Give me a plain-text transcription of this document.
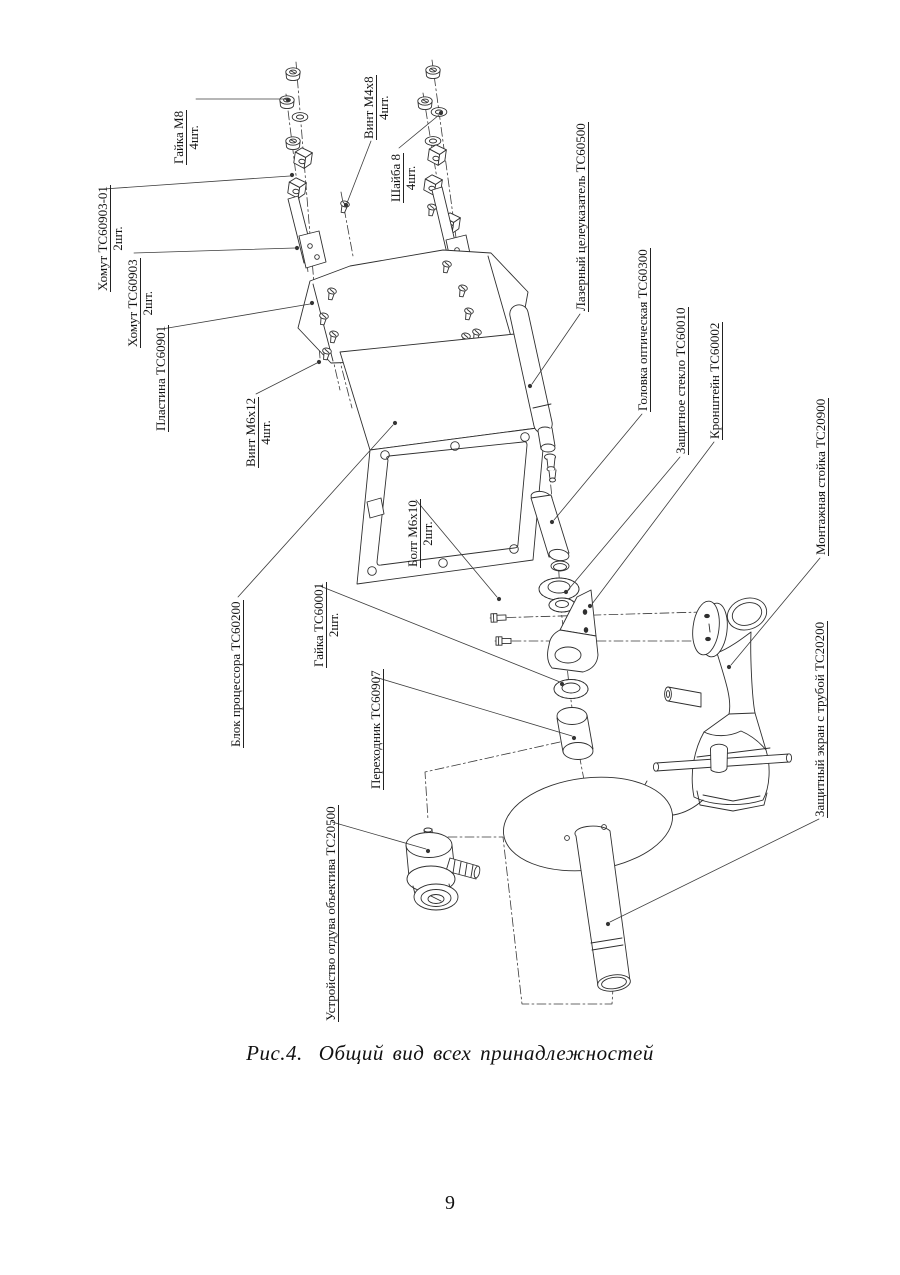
Гайка М8 4шт.	Винт М4х8 4шт.
Шайба 8 4шт.
Хомут ТС60903-01 2шт.
Хомут ТС60903 2шт.
Пластина ТС60901
Винт М6х12 4шт.
Лазерный целеуказатель ТС60500
Головка оптическая ТС60300 Защитное стекло ТС60010 Кронштейн ТС60002
Монтажная стойка ТС20900
Болт М6х10 2шт.
Гайка ТС60001 2шт.
Блок процессора ТС60200	Переходник ТС60907
Устройство отдува объектива ТС20500
Защитный экран с трубой ТС20200
Рис.4. Общий вид всех принадлежностей
9
